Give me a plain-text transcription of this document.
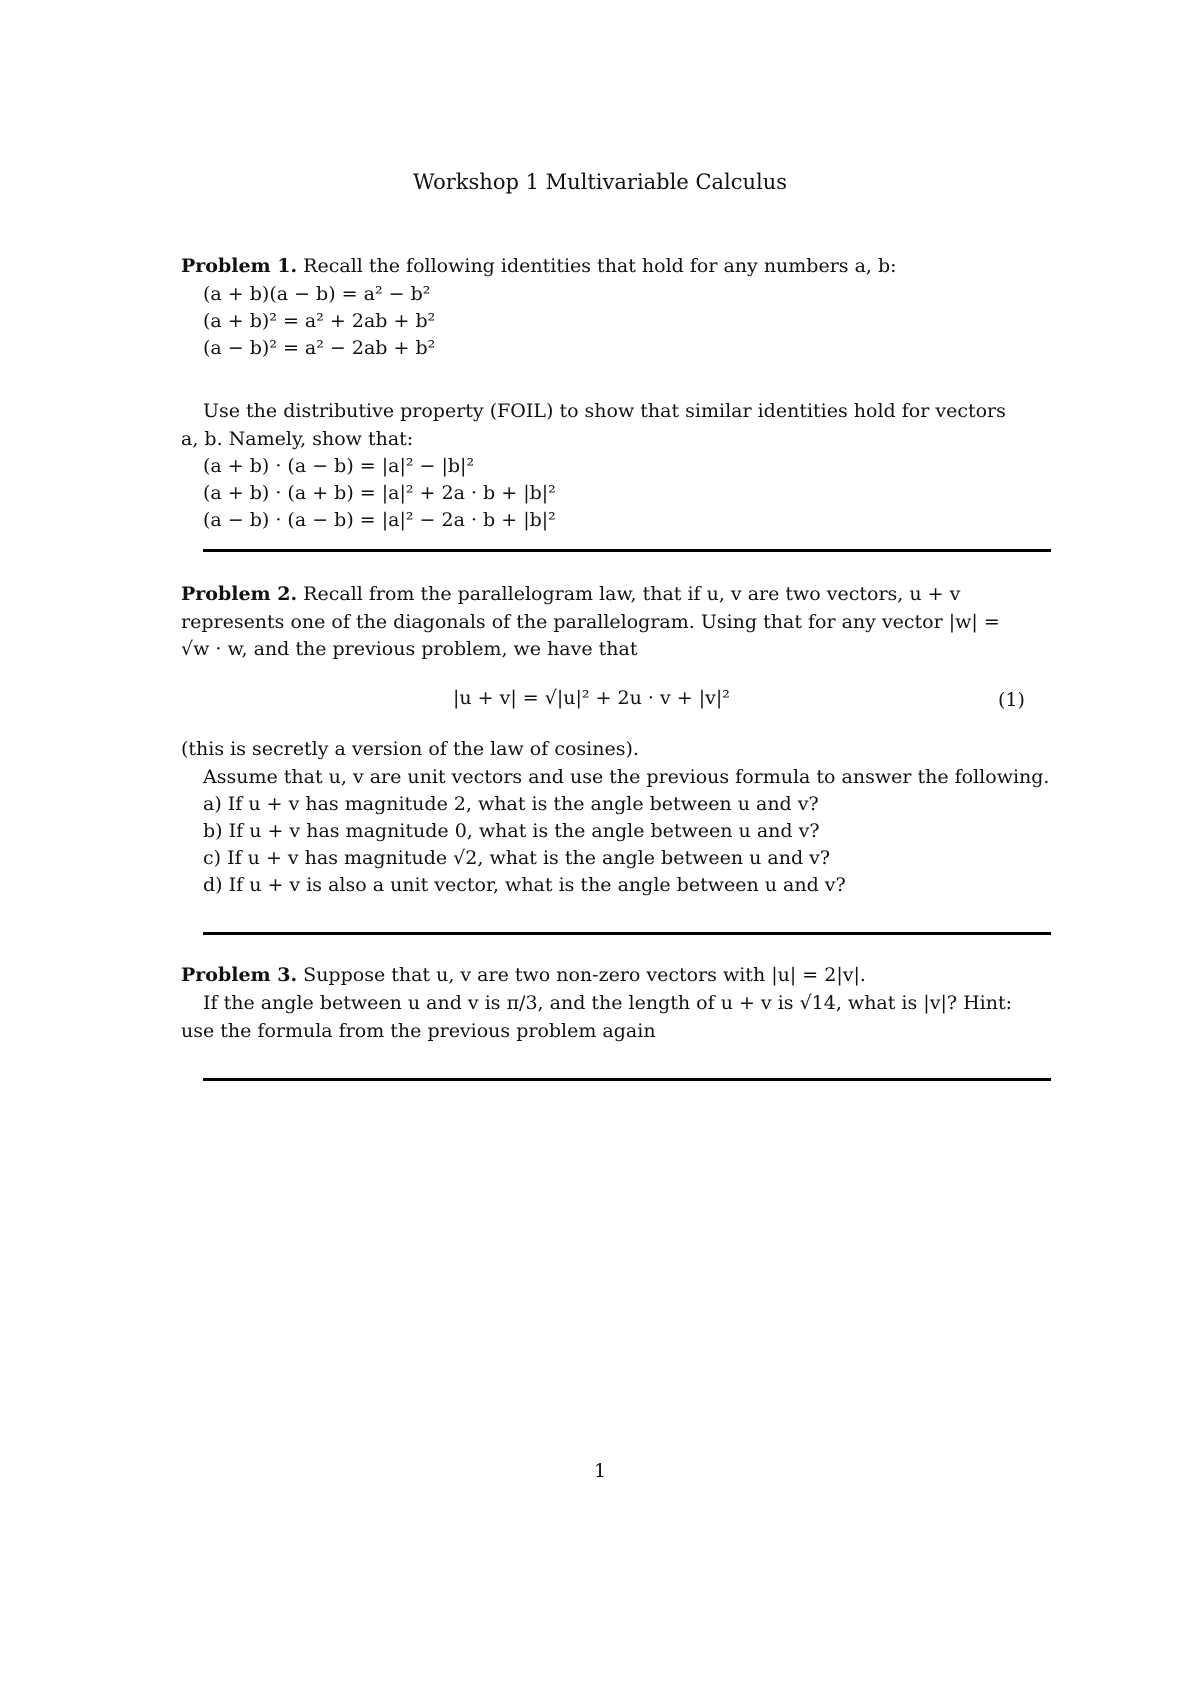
Workshop 1 Multivariable Calculus
Problem 1. Recall the following identities that hold for any numbers a, b:
(a + b)(a − b) = a² − b²
(a + b)² = a² + 2ab + b²
(a − b)² = a² − 2ab + b²
Use the distributive property (FOIL) to show that similar identities hold for vectors
a, b. Namely, show that:
(a + b) · (a − b) = |a|² − |b|²
(a + b) · (a + b) = |a|² + 2a · b + |b|²
(a − b) · (a − b) = |a|² − 2a · b + |b|²
Problem 2. Recall from the parallelogram law, that if u, v are two vectors, u + v
represents one of the diagonals of the parallelogram. Using that for any vector |w| =
√w · w, and the previous problem, we have that
|u + v| = √|u|² + 2u · v + |v|²	(1)
(this is secretly a version of the law of cosines).
Assume that u, v are unit vectors and use the previous formula to answer the following.
a) If u + v has magnitude 2, what is the angle between u and v?
b) If u + v has magnitude 0, what is the angle between u and v?
c) If u + v has magnitude √2, what is the angle between u and v?
d) If u + v is also a unit vector, what is the angle between u and v?
Problem 3. Suppose that u, v are two non-zero vectors with |u| = 2|v|.
If the angle between u and v is π/3, and the length of u + v is √14, what is |v|? Hint:
use the formula from the previous problem again
1
